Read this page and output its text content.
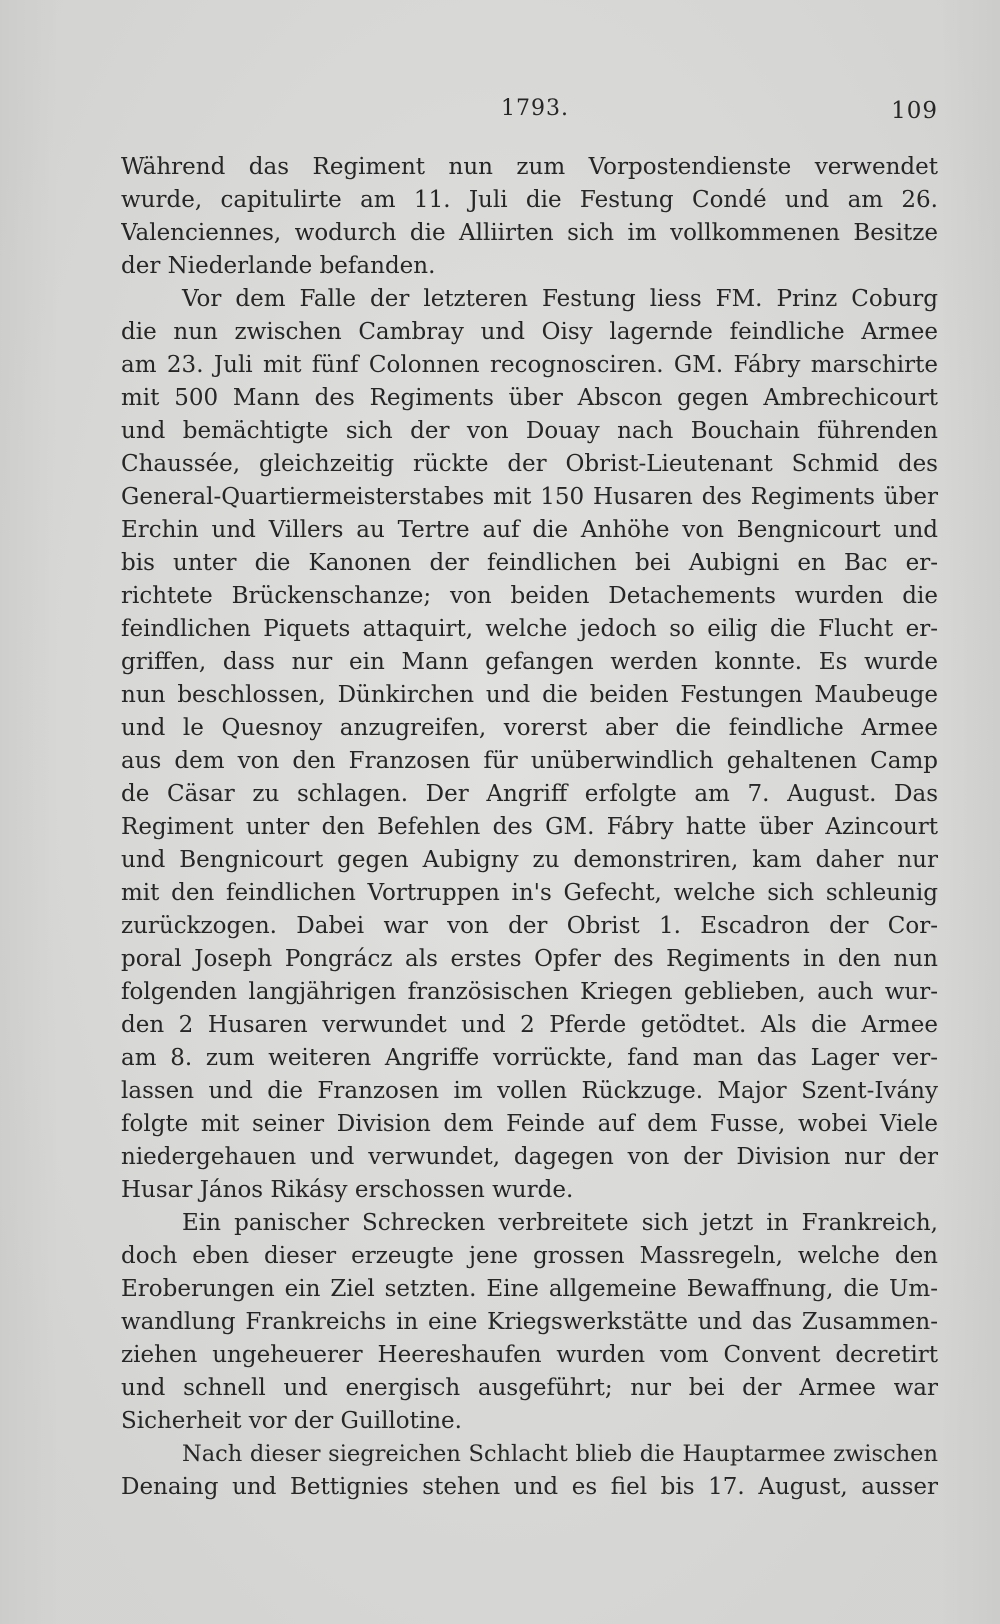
1793.	109
Während das Regiment nun zum Vorpostendienste verwendet
wurde, capitulirte am 11. Juli die Festung Condé und am 26.
Valenciennes, wodurch die Alliirten sich im vollkommenen Besitze
der Niederlande befanden.
Vor dem Falle der letzteren Festung liess FM. Prinz Coburg
die nun zwischen Cambray und Oisy lagernde feindliche Armee
am 23. Juli mit fünf Colonnen recognosciren. GM. Fábry marschirte
mit 500 Mann des Regiments über Abscon gegen Ambrechicourt
und bemächtigte sich der von Douay nach Bouchain führenden
Chaussée, gleichzeitig rückte der Obrist-Lieutenant Schmid des
General-Quartiermeisterstabes mit 150 Husaren des Regiments über
Erchin und Villers au Tertre auf die Anhöhe von Bengnicourt und
bis unter die Kanonen der feindlichen bei Aubigni en Bac er-
richtete Brückenschanze; von beiden Detachements wurden die
feindlichen Piquets attaquirt, welche jedoch so eilig die Flucht er-
griffen, dass nur ein Mann gefangen werden konnte. Es wurde
nun beschlossen, Dünkirchen und die beiden Festungen Maubeuge
und le Quesnoy anzugreifen, vorerst aber die feindliche Armee
aus dem von den Franzosen für unüberwindlich gehaltenen Camp
de Cäsar zu schlagen. Der Angriff erfolgte am 7. August. Das
Regiment unter den Befehlen des GM. Fábry hatte über Azincourt
und Bengnicourt gegen Aubigny zu demonstriren, kam daher nur
mit den feindlichen Vortruppen in's Gefecht, welche sich schleunig
zurückzogen. Dabei war von der Obrist 1. Escadron der Cor-
poral Joseph Pongrácz als erstes Opfer des Regiments in den nun
folgenden langjährigen französischen Kriegen geblieben, auch wur-
den 2 Husaren verwundet und 2 Pferde getödtet. Als die Armee
am 8. zum weiteren Angriffe vorrückte, fand man das Lager ver-
lassen und die Franzosen im vollen Rückzuge. Major Szent-Ivány
folgte mit seiner Division dem Feinde auf dem Fusse, wobei Viele
niedergehauen und verwundet, dagegen von der Division nur der
Husar János Rikásy erschossen wurde.
Ein panischer Schrecken verbreitete sich jetzt in Frankreich,
doch eben dieser erzeugte jene grossen Massregeln, welche den
Eroberungen ein Ziel setzten. Eine allgemeine Bewaffnung, die Um-
wandlung Frankreichs in eine Kriegswerkstätte und das Zusammen-
ziehen ungeheuerer Heereshaufen wurden vom Convent decretirt
und schnell und energisch ausgeführt; nur bei der Armee war
Sicherheit vor der Guillotine.
Nach dieser siegreichen Schlacht blieb die Hauptarmee zwischen
Denaing und Bettignies stehen und es fiel bis 17. August, ausser
